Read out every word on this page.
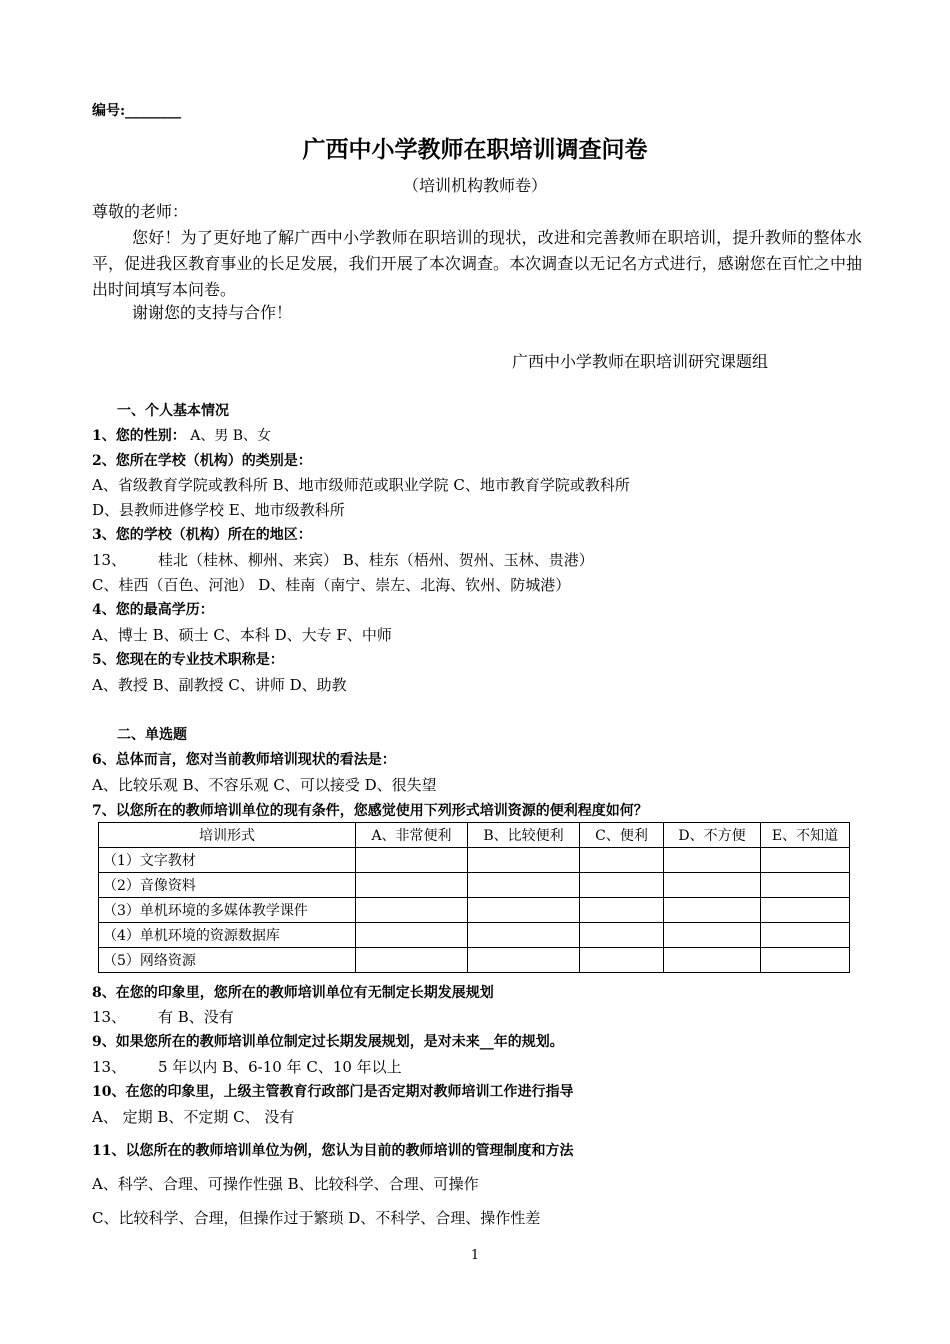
编号:________
广西中小学教师在职培训调查问卷
（培训机构教师卷）
尊敬的老师：
您好！为了更好地了解广西中小学教师在职培训的现状，改进和完善教师在职培训，提升教师的整体水平，促进我区教育事业的长足发展，我们开展了本次调查。本次调查以无记名方式进行，感谢您在百忙之中抽出时间填写本问卷。
谢谢您的支持与合作！
广西中小学教师在职培训研究课题组
一、个人基本情况
1、您的性别： A、男 B、女
2、您所在学校（机构）的类别是：
A、省级教育学院或教科所 B、地市级师范或职业学院 C、地市教育学院或教科所
D、县教师进修学校 E、地市级教科所
3、您的学校（机构）所在的地区：
13、 桂北（桂林、柳州、来宾） B、桂东（梧州、贺州、玉林、贵港）
C、桂西（百色、河池） D、桂南（南宁、崇左、北海、钦州、防城港）
4、您的最高学历：
A、博士 B、硕士 C、本科 D、大专 F、中师
5、您现在的专业技术职称是：
A、教授 B、副教授 C、讲师 D、助教
二、单选题
6、总体而言，您对当前教师培训现状的看法是：
A、比较乐观 B、不容乐观 C、可以接受 D、很失望
7、以您所在的教师培训单位的现有条件，您感觉使用下列形式培训资源的便利程度如何？
培训形式	A、非常便利	B、比较便利	C、便利	D、不方便	E、不知道
（1）文字教材					
（2）音像资料					
（3）单机环境的多媒体教学课件					
（4）单机环境的资源数据库					
（5）网络资源					
8、在您的印象里，您所在的教师培训单位有无制定长期发展规划
13、 有 B、没有
9、如果您所在的教师培训单位制定过长期发展规划，是对未来__年的规划。
13、 5 年以内 B、6-10 年 C、10 年以上
10、在您的印象里，上级主管教育行政部门是否定期对教师培训工作进行指导
A、 定期 B、不定期 C、 没有
11、以您所在的教师培训单位为例，您认为目前的教师培训的管理制度和方法
A、科学、合理、可操作性强 B、比较科学、合理、可操作
C、比较科学、合理，但操作过于繁琐 D、不科学、合理、操作性差
1
